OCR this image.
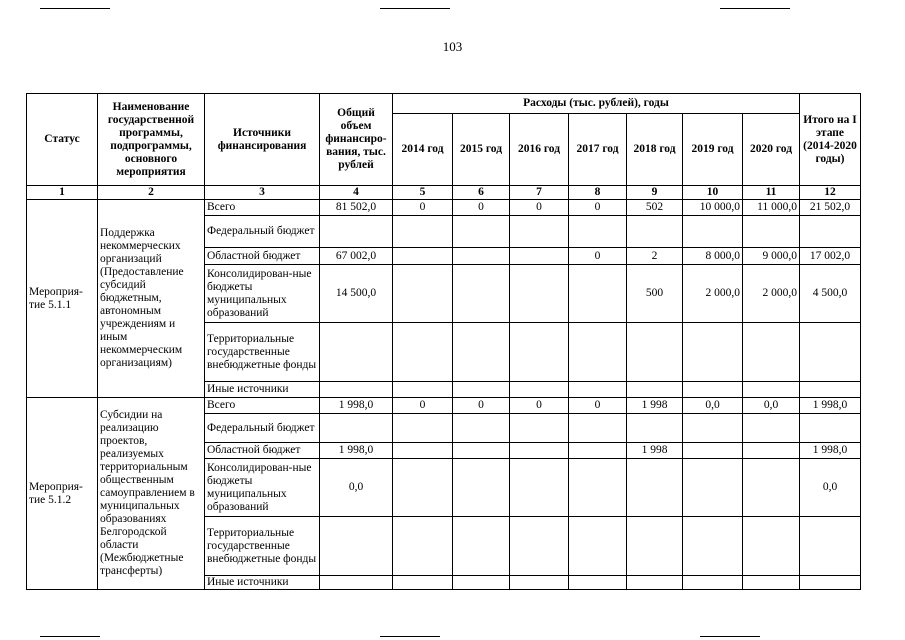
103
Статус	Наименование государственной программы, подпрограммы, основного мероприятия	Источники финансирования	Общий объем финансиро-вания, тыс. рублей	Расходы (тыс. рублей), годы							Итого на I этапе (2014-2020 годы)
				2014 год	2015 год	2016 год	2017 год	2018 год	2019 год	2020 год	
1	2	3	4	5	6	7	8	9	10	11	12
Мероприя-тие 5.1.1	Поддержка некоммерческих организаций (Предоставление субсидий бюджетным, автономным учреждениям и иным некоммерческим организациям)	Всего	81 502,0	0	0	0	0	502	10 000,0	11 000,0	21 502,0
		Федеральный бюджет									
		Областной бюджет	67 002,0				0	2	8 000,0	9 000,0	17 002,0
		Консолидирован-ные бюджеты муниципальных образований	14 500,0					500	2 000,0	2 000,0	4 500,0
		Территориальные государственные внебюджетные фонды									
		Иные источники									
Мероприя-тие 5.1.2	Субсидии на реализацию проектов, реализуемых территориальным общественным самоуправлением в муниципальных образованиях Белгородской области (Межбюджетные трансферты)	Всего	1 998,0	0	0	0	0	1 998	0,0	0,0	1 998,0
		Федеральный бюджет									
		Областной бюджет	1 998,0					1 998			1 998,0
		Консолидирован-ные бюджеты муниципальных образований	0,0								0,0
		Территориальные государственные внебюджетные фонды									
		Иные источники									
